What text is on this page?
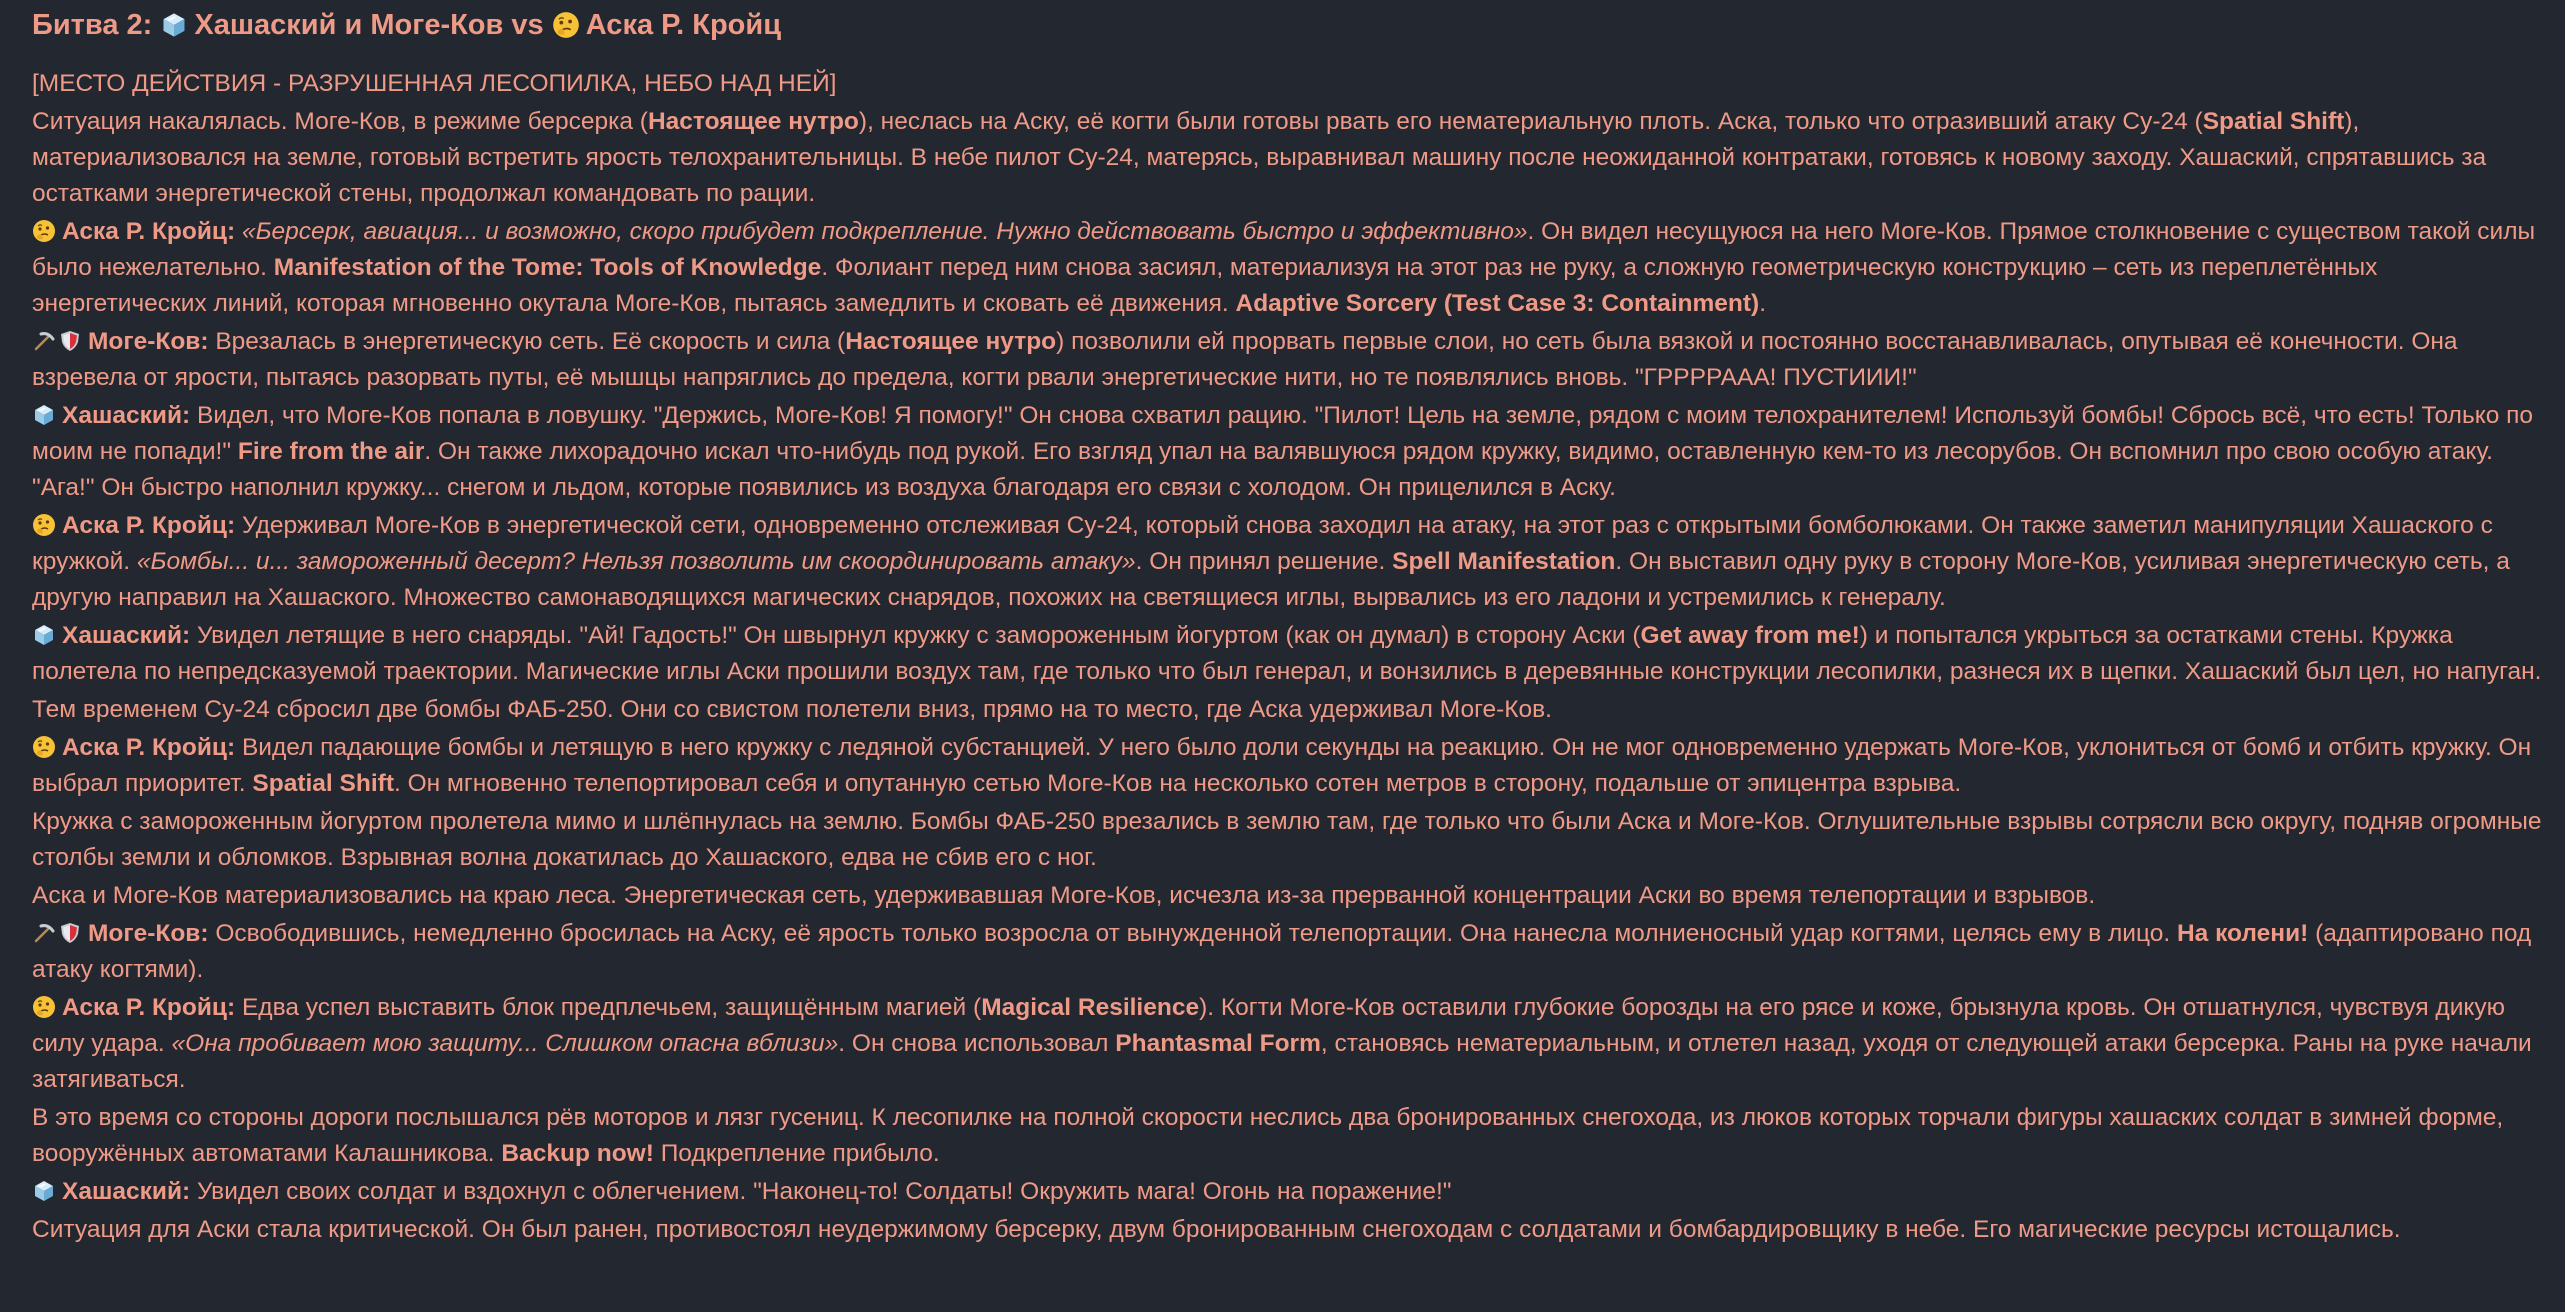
Битва 2: Хашаский и Моге-Ков vs Аска Р. Кройц

[МЕСТО ДЕЙСТВИЯ - РАЗРУШЕННАЯ ЛЕСОПИЛКА, НЕБО НАД НЕЙ]

Ситуация накалялась. Моге-Ков, в режиме берсерка (Настоящее нутро), неслась на Аску, её когти были готовы рвать его нематериальную плоть. Аска, только что отразивший атаку Су-24 (Spatial Shift), материализовался на земле, готовый встретить ярость телохранительницы. В небе пилот Су-24, матерясь, выравнивал машину после неожиданной контратаки, готовясь к новому заходу. Хашаский, спрятавшись за остатками энергетической стены, продолжал командовать по рации.

Аска Р. Кройц: «Берсерк, авиация... и возможно, скоро прибудет подкрепление. Нужно действовать быстро и эффективно». Он видел несущуюся на него Моге-Ков. Прямое столкновение с существом такой силы было нежелательно. Manifestation of the Tome: Tools of Knowledge. Фолиант перед ним снова засиял, материализуя на этот раз не руку, а сложную геометрическую конструкцию – сеть из переплетённых энергетических линий, которая мгновенно окутала Моге-Ков, пытаясь замедлить и сковать её движения. Adaptive Sorcery (Test Case 3: Containment).

Моге-Ков: Врезалась в энергетическую сеть. Её скорость и сила (Настоящее нутро) позволили ей прорвать первые слои, но сеть была вязкой и постоянно восстанавливалась, опутывая её конечности. Она взревела от ярости, пытаясь разорвать путы, её мышцы напряглись до предела, когти рвали энергетические нити, но те появлялись вновь. "ГРРРРААА! ПУСТИИИ!"

Хашаский: Видел, что Моге-Ков попала в ловушку. "Держись, Моге-Ков! Я помогу!" Он снова схватил рацию. "Пилот! Цель на земле, рядом с моим телохранителем! Используй бомбы! Сбрось всё, что есть! Только по моим не попади!" Fire from the air. Он также лихорадочно искал что-нибудь под рукой. Его взгляд упал на валявшуюся рядом кружку, видимо, оставленную кем-то из лесорубов. Он вспомнил про свою особую атаку. "Ага!" Он быстро наполнил кружку... снегом и льдом, которые появились из воздуха благодаря его связи с холодом. Он прицелился в Аску.

Аска Р. Кройц: Удерживал Моге-Ков в энергетической сети, одновременно отслеживая Су-24, который снова заходил на атаку, на этот раз с открытыми бомболюками. Он также заметил манипуляции Хашаского с кружкой. «Бомбы... и... замороженный десерт? Нельзя позволить им скоординировать атаку». Он принял решение. Spell Manifestation. Он выставил одну руку в сторону Моге-Ков, усиливая энергетическую сеть, а другую направил на Хашаского. Множество самонаводящихся магических снарядов, похожих на светящиеся иглы, вырвались из его ладони и устремились к генералу.

Хашаский: Увидел летящие в него снаряды. "Ай! Гадость!" Он швырнул кружку с замороженным йогуртом (как он думал) в сторону Аски (Get away from me!) и попытался укрыться за остатками стены. Кружка полетела по непредсказуемой траектории. Магические иглы Аски прошили воздух там, где только что был генерал, и вонзились в деревянные конструкции лесопилки, разнеся их в щепки. Хашаский был цел, но напуган.

Тем временем Су-24 сбросил две бомбы ФАБ-250. Они со свистом полетели вниз, прямо на то место, где Аска удерживал Моге-Ков.

Аска Р. Кройц: Видел падающие бомбы и летящую в него кружку с ледяной субстанцией. У него было доли секунды на реакцию. Он не мог одновременно удержать Моге-Ков, уклониться от бомб и отбить кружку. Он выбрал приоритет. Spatial Shift. Он мгновенно телепортировал себя и опутанную сетью Моге-Ков на несколько сотен метров в сторону, подальше от эпицентра взрыва.

Кружка с замороженным йогуртом пролетела мимо и шлёпнулась на землю. Бомбы ФАБ-250 врезались в землю там, где только что были Аска и Моге-Ков. Оглушительные взрывы сотрясли всю округу, подняв огромные столбы земли и обломков. Взрывная волна докатилась до Хашаского, едва не сбив его с ног.

Аска и Моге-Ков материализовались на краю леса. Энергетическая сеть, удерживавшая Моге-Ков, исчезла из-за прерванной концентрации Аски во время телепортации и взрывов.

Моге-Ков: Освободившись, немедленно бросилась на Аску, её ярость только возросла от вынужденной телепортации. Она нанесла молниеносный удар когтями, целясь ему в лицо. На колени! (адаптировано под атаку когтями).

Аска Р. Кройц: Едва успел выставить блок предплечьем, защищённым магией (Magical Resilience). Когти Моге-Ков оставили глубокие борозды на его рясе и коже, брызнула кровь. Он отшатнулся, чувствуя дикую силу удара. «Она пробивает мою защиту... Слишком опасна вблизи». Он снова использовал Phantasmal Form, становясь нематериальным, и отлетел назад, уходя от следующей атаки берсерка. Раны на руке начали затягиваться.

В это время со стороны дороги послышался рёв моторов и лязг гусениц. К лесопилке на полной скорости неслись два бронированных снегохода, из люков которых торчали фигуры хашаских солдат в зимней форме, вооружённых автоматами Калашникова. Backup now! Подкрепление прибыло.

Хашаский: Увидел своих солдат и вздохнул с облегчением. "Наконец-то! Солдаты! Окружить мага! Огонь на поражение!"

Ситуация для Аски стала критической. Он был ранен, противостоял неудержимому берсерку, двум бронированным снегоходам с солдатами и бомбардировщику в небе. Его магические ресурсы истощались.
